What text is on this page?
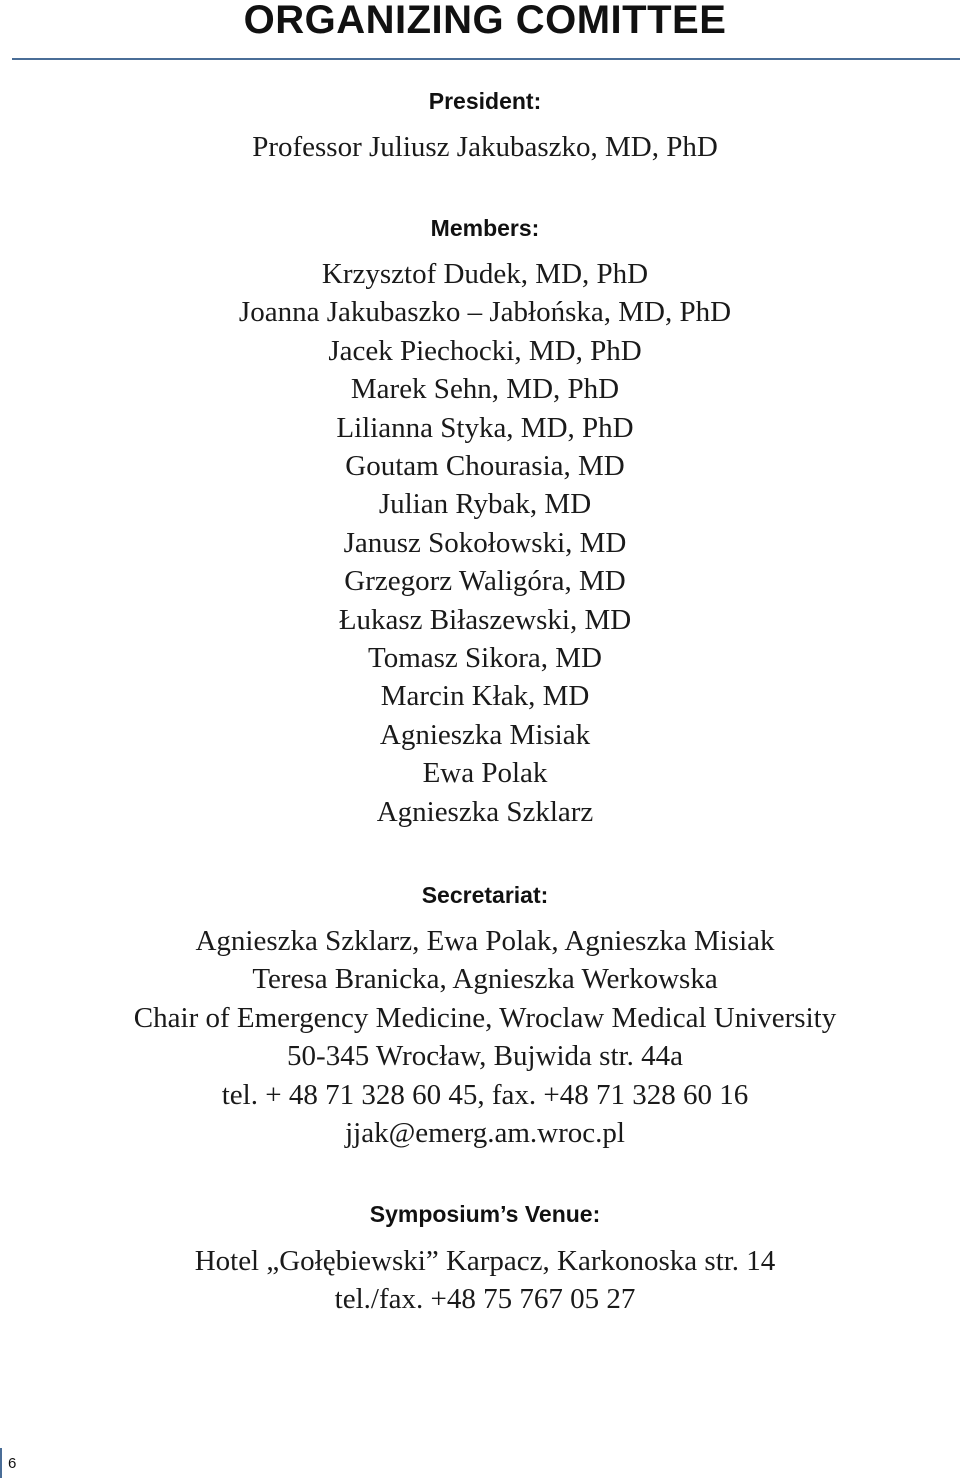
ORGANIZING COMITTEE
President:
Professor Juliusz Jakubaszko, MD, PhD
Members:
Krzysztof Dudek, MD, PhD
Joanna Jakubaszko – Jabłońska, MD, PhD
Jacek Piechocki, MD, PhD
Marek Sehn, MD, PhD
Lilianna Styka, MD, PhD
Goutam Chourasia, MD
Julian Rybak, MD
Janusz Sokołowski, MD
Grzegorz Waligóra, MD
Łukasz Biłaszewski, MD
Tomasz Sikora, MD
Marcin Kłak, MD
Agnieszka Misiak
Ewa Polak
Agnieszka Szklarz
Secretariat:
Agnieszka Szklarz, Ewa Polak, Agnieszka Misiak
Teresa Branicka, Agnieszka Werkowska
Chair of Emergency Medicine, Wroclaw Medical University
50-345 Wrocław, Bujwida str. 44a
tel. + 48 71 328 60 45, fax. +48 71 328 60 16
jjak@emerg.am.wroc.pl
Symposium’s Venue:
Hotel „Gołębiewski” Karpacz, Karkonoska str. 14
tel./fax. +48 75 767 05 27
6
